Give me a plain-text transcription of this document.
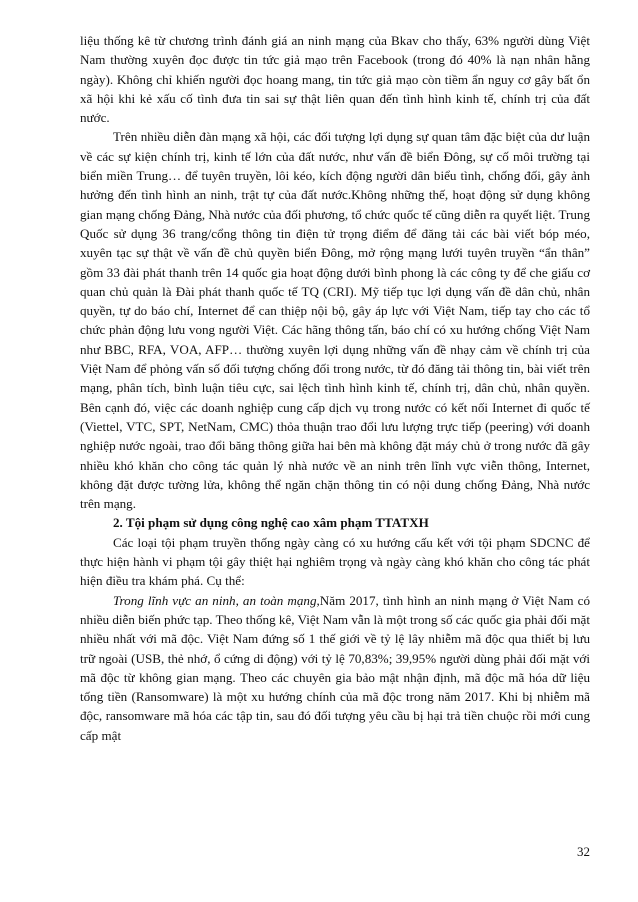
liệu thống kê từ chương trình đánh giá an ninh mạng của Bkav cho thấy, 63% người dùng Việt Nam thường xuyên đọc được tin tức giả mạo trên Facebook (trong đó 40% là nạn nhân hằng ngày). Không chỉ khiến người đọc hoang mang, tin tức giả mạo còn tiềm ẩn nguy cơ gây bất ổn xã hội khi kẻ xấu cố tình đưa tin sai sự thật liên quan đến tình hình kinh tế, chính trị của đất nước.

Trên nhiều diễn đàn mạng xã hội, các đối tượng lợi dụng sự quan tâm đặc biệt của dư luận về các sự kiện chính trị, kinh tế lớn của đất nước, như vấn đề biển Đông, sự cố môi trường tại biển miền Trung… để tuyên truyền, lôi kéo, kích động người dân biểu tình, chống đối, gây ảnh hưởng đến tình hình an ninh, trật tự của đất nước.Không những thế, hoạt động sử dụng không gian mạng chống Đảng, Nhà nước của đối phương, tổ chức quốc tế cũng diễn ra quyết liệt. Trung Quốc sử dụng 36 trang/cổng thông tin điện tử trọng điểm để đăng tải các bài viết bóp méo, xuyên tạc sự thật về vấn đề chủ quyền biển Đông, mở rộng mạng lưới tuyên truyền “ẩn thân” gồm 33 đài phát thanh trên 14 quốc gia hoạt động dưới bình phong là các công ty để che giấu cơ quan chủ quản là Đài phát thanh quốc tế TQ (CRI). Mỹ tiếp tục lợi dụng vấn đề dân chủ, nhân quyền, tự do báo chí, Internet để can thiệp nội bộ, gây áp lực với Việt Nam, tiếp tay cho các tổ chức phản động lưu vong người Việt. Các hãng thông tấn, báo chí có xu hướng chống Việt Nam như BBC, RFA, VOA, AFP… thường xuyên lợi dụng những vấn đề nhạy cảm về chính trị của Việt Nam để phỏng vấn số đối tượng chống đối trong nước, từ đó đăng tải thông tin, bài viết trên mạng, phân tích, bình luận tiêu cực, sai lệch tình hình kinh tế, chính trị, dân chủ, nhân quyền. Bên cạnh đó, việc các doanh nghiệp cung cấp dịch vụ trong nước có kết nối Internet đi quốc tế (Viettel, VTC, SPT, NetNam, CMC) thỏa thuận trao đổi lưu lượng trực tiếp (peering) với doanh nghiệp nước ngoài, trao đổi băng thông giữa hai bên mà không đặt máy chủ ở trong nước đã gây nhiều khó khăn cho công tác quản lý nhà nước về an ninh trên lĩnh vực viễn thông, Internet, không đặt được tường lửa, không thể ngăn chặn thông tin có nội dung chống Đảng, Nhà nước trên mạng.

2. Tội phạm sử dụng công nghệ cao xâm phạm TTATXH

Các loại tội phạm truyền thống ngày càng có xu hướng cấu kết với tội phạm SDCNC để thực hiện hành vi phạm tội gây thiệt hại nghiêm trọng và ngày càng khó khăn cho công tác phát hiện điều tra khám phá. Cụ thể:

Trong lĩnh vực an ninh, an toàn mạng,Năm 2017, tình hình an ninh mạng ở Việt Nam có nhiều diễn biến phức tạp. Theo thống kê, Việt Nam vẫn là một trong số các quốc gia phải đối mặt nhiều nhất với mã độc. Việt Nam đứng số 1 thế giới về tỷ lệ lây nhiễm mã độc qua thiết bị lưu trữ ngoài (USB, thẻ nhớ, ổ cứng di động) với tỷ lệ 70,83%; 39,95% người dùng phải đối mặt với mã độc từ không gian mạng. Theo các chuyên gia bảo mật nhận định, mã độc mã hóa dữ liệu tống tiền (Ransomware) là một xu hướng chính của mã độc trong năm 2017. Khi bị nhiễm mã độc, ransomware mã hóa các tập tin, sau đó đối tượng yêu cầu bị hại trả tiền chuộc rồi mới cung cấp mật

32
